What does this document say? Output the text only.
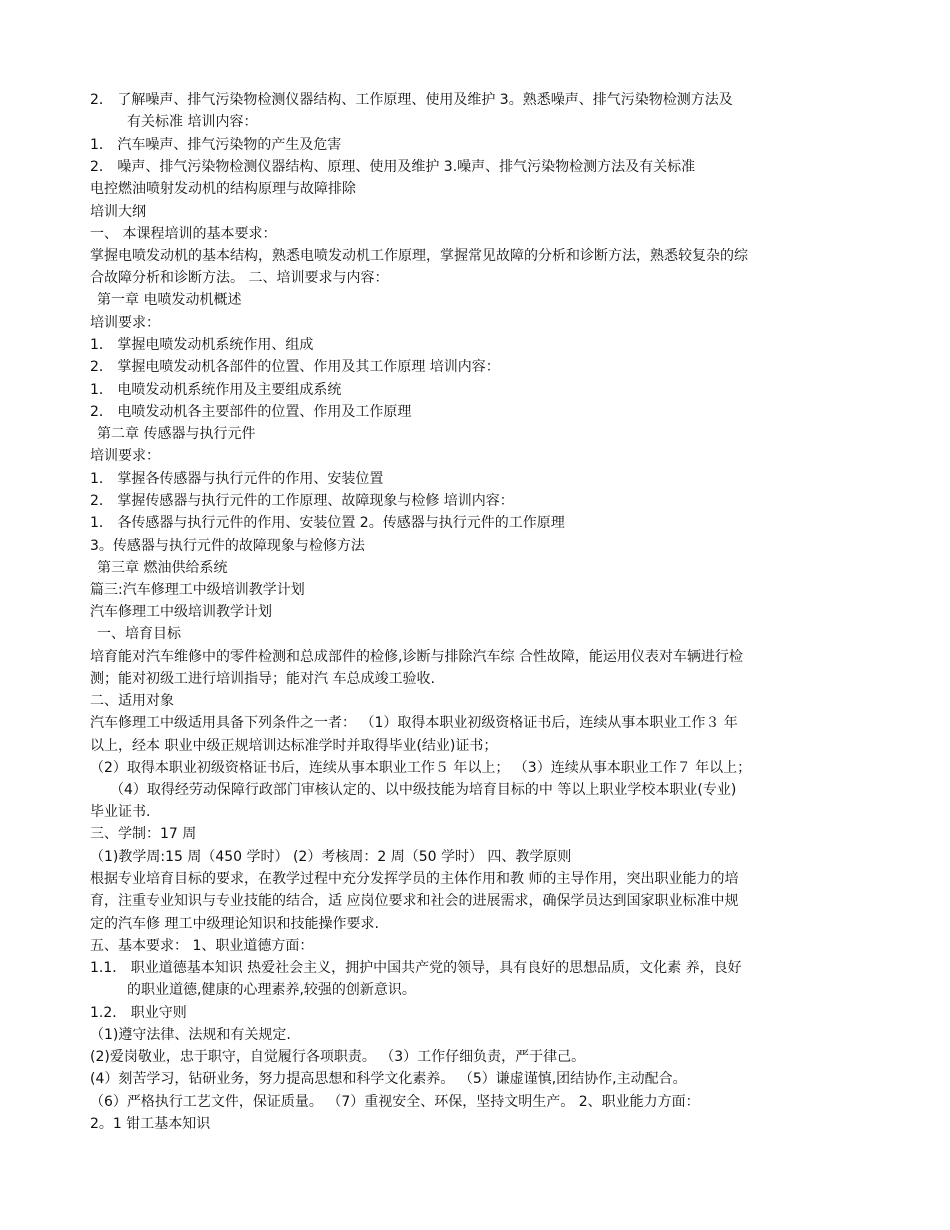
2． 了解噪声、排气污染物检测仪器结构、工作原理、使用及维护 3。熟悉噪声、排气污染物检测方法及
有关标准 培训内容：
1． 汽车噪声、排气污染物的产生及危害
2． 噪声、排气污染物检测仪器结构、原理、使用及维护 3.噪声、排气污染物检测方法及有关标准
电控燃油喷射发动机的结构原理与故障排除
培训大纲
一、 本课程培训的基本要求：
掌握电喷发动机的基本结构，熟悉电喷发动机工作原理，掌握常见故障的分析和诊断方法，熟悉较复杂的综
合故障分析和诊断方法。 二、培训要求与内容：
第一章 电喷发动机概述
培训要求：
1． 掌握电喷发动机系统作用、组成
2． 掌握电喷发动机各部件的位置、作用及其工作原理 培训内容：
1． 电喷发动机系统作用及主要组成系统
2． 电喷发动机各主要部件的位置、作用及工作原理
第二章 传感器与执行元件
培训要求：
1． 掌握各传感器与执行元件的作用、安装位置
2． 掌握传感器与执行元件的工作原理、故障现象与检修 培训内容：
1． 各传感器与执行元件的作用、安装位置 2。传感器与执行元件的工作原理
3。传感器与执行元件的故障现象与检修方法
第三章 燃油供给系统
篇三:汽车修理工中级培训教学计划
汽车修理工中级培训教学计划
一、培育目标
培育能对汽车维修中的零件检测和总成部件的检修,诊断与排除汽车综 合性故障，能运用仪表对车辆进行检
测；能对初级工进行培训指导；能对汽 车总成竣工验收.
二、适用对象
汽车修理工中级适用具备下列条件之一者： （1）取得本职业初级资格证书后，连续从事本职业工作３ 年
以上，经本 职业中级正规培训达标准学时并取得毕业(结业)证书；
（2）取得本职业初级资格证书后，连续从事本职业工作５ 年以上； （3）连续从事本职业工作７ 年以上；
（4）取得经劳动保障行政部门审核认定的、以中级技能为培育目标的中 等以上职业学校本职业(专业)
毕业证书.
三、学制：17 周
（1)教学周:15 周（450 学时） (2）考核周：2 周（50 学时） 四、教学原则
根据专业培育目标的要求，在教学过程中充分发挥学员的主体作用和教 师的主导作用，突出职业能力的培
育，注重专业知识与专业技能的结合，适 应岗位要求和社会的进展需求，确保学员达到国家职业标准中规
定的汽车修 理工中级理论知识和技能操作要求.
五、基本要求： 1、职业道德方面：
1.1． 职业道德基本知识 热爱社会主义，拥护中国共产党的领导，具有良好的思想品质，文化素 养，良好
的职业道德,健康的心理素养,较强的创新意识。
1.2． 职业守则
（1)遵守法律、法规和有关规定.
(2)爱岗敬业，忠于职守，自觉履行各项职责。 （3）工作仔细负责，严于律己。
(4）刻苦学习，钻研业务，努力提高思想和科学文化素养。 （5）谦虚谨慎,团结协作,主动配合。
（6）严格执行工艺文件，保证质量。 （7）重视安全、环保，坚持文明生产。 2、职业能力方面：
2。1 钳工基本知识
